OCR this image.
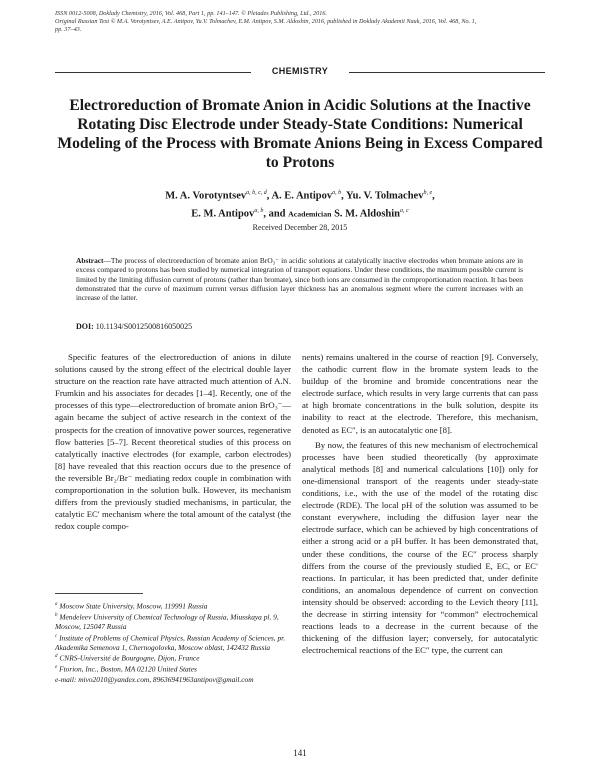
ISSN 0012-5008, Doklady Chemistry, 2016, Vol. 468, Part 1, pp. 141–147. © Pleiades Publishing, Ltd., 2016.
Original Russian Text © M.A. Vorotyntsev, A.E. Antipov, Yu.V. Tolmachev, E.M. Antipov, S.M. Aldoshin, 2016, published in Doklady Akademii Nauk, 2016, Vol. 468, No. 1,
pp. 37–43.
CHEMISTRY
Electroreduction of Bromate Anion in Acidic Solutions at the Inactive Rotating Disc Electrode under Steady-State Conditions: Numerical Modeling of the Process with Bromate Anions Being in Excess Compared to Protons
M. A. Vorotyntsev$^{a, b, c, d}$, A. E. Antipov$^{a, b}$, Yu. V. Tolmachev$^{b, e}$,
E. M. Antipov$^{a, b}$, and Academician S. M. Aldoshin$^{a, c}$
Received December 28, 2015
Abstract—The process of electroreduction of bromate anion BrO₃⁻ in acidic solutions at catalytically inactive electrodes when bromate anions are in excess compared to protons has been studied by numerical integration of transport equations. Under these conditions, the maximum possible current is limited by the limiting diffusion current of protons (rather than bromate), since both ions are consumed in the comproportionation reaction. It has been demonstrated that the curve of maximum current versus diffusion layer thickness has an anomalous segment where the current increases with an increase of the latter.
DOI: 10.1134/S0012500816050025

Specific features of the electroreduction of anions in dilute solutions caused by the strong effect of the electrical double layer structure on the reaction rate have attracted much attention of A.N. Frumkin and his associates for decades [1–4]. Recently, one of the processes of this type—electroreduction of bromate anion BrO₃⁻—again became the subject of active research in the context of the prospects for the creation of innovative power sources, regenerative flow batteries [5–7]. Recent theoretical studies of this process on catalytically inactive electrodes (for example, carbon electrodes) [8] have revealed that this reaction occurs due to the presence of the reversible Br₂/Br⁻ mediating redox couple in combination with comproportionation in the solution bulk. However, its mechanism differs from the previously studied mechanisms, in particular, the catalytic EC′ mechanism where the total amount of the catalyst (the redox couple compo-

nents) remains unaltered in the course of reaction [9]. Conversely, the cathodic current flow in the bromate system leads to the buildup of the bromine and bromide concentrations near the electrode surface, which results in very large currents that can pass at high bromate concentrations in the bulk solution, despite its inability to react at the electrode. Therefore, this mechanism, denoted as EC″, is an autocatalytic one [8].

By now, the features of this new mechanism of electrochemical processes have been studied theoretically (by approximate analytical methods [8] and numerical calculations [10]) only for one-dimensional transport of the reagents under steady-state conditions, i.e., with the use of the model of the rotating disc electrode (RDE). The local pH of the solution was assumed to be constant everywhere, including the diffusion layer near the electrode surface, which can be achieved by high concentrations of either a strong acid or a pH buffer. It has been demonstrated that, under these conditions, the course of the EC″ process sharply differs from the course of the previously studied E, EC, or EC′ reactions. In particular, it has been predicted that, under definite conditions, an anomalous dependence of current on convection intensity should be observed: according to the Levich theory [11], the decrease in stirring intensity for “common” electrochemical reactions leads to a decrease in the current because of the thickening of the diffusion layer; conversely, for autocatalytic electrochemical reactions of the EC″ type, the current can

$^a$ Moscow State University, Moscow, 119991 Russia
$^b$ Mendeleev University of Chemical Technology of Russia, Miusskaya pl. 9, Moscow, 125047 Russia
$^c$ Institute of Problems of Chemical Physics, Russian Academy of Sciences, pr. Akademika Semenova 1, Chernogolovka, Moscow oblast, 142432 Russia
$^d$ CNRS-Université de Bourgogne, Dijon, France
$^e$ Ftorion, Inc., Boston, MA 02120 United States
e-mail: mivo2010@yandex.com, 89636941963antipov@gmail.com
141
